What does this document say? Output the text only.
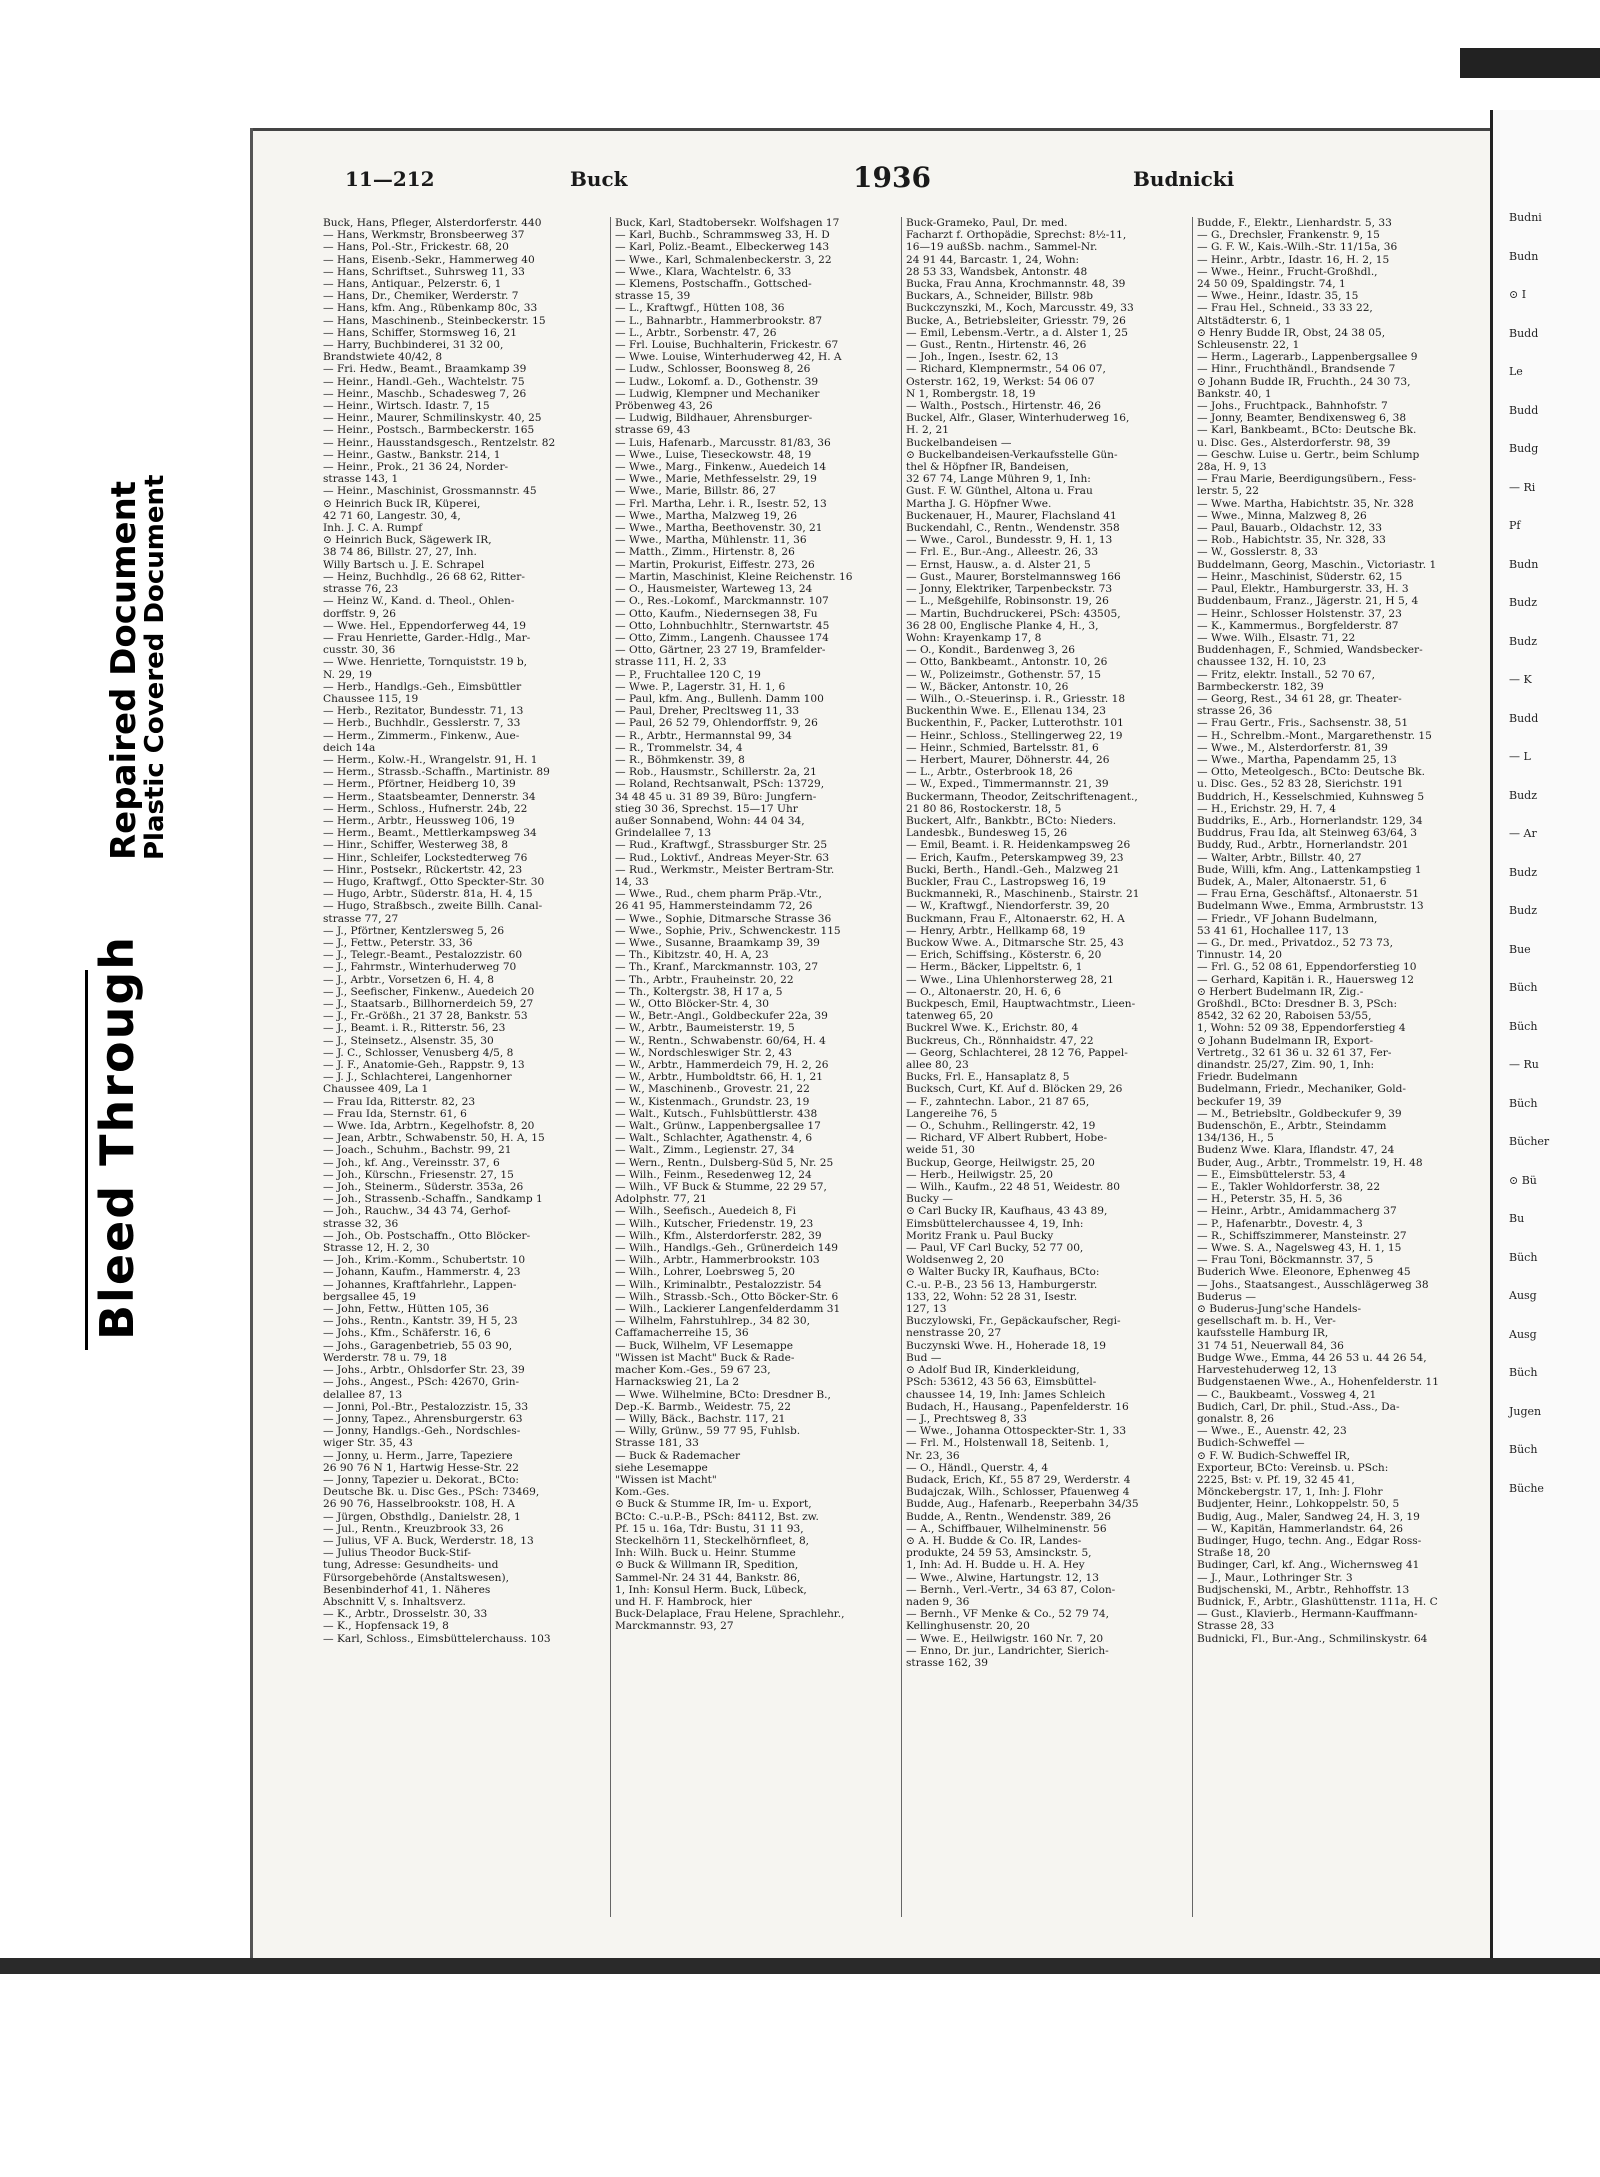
Budni
Budn
⊙ I
Budd
Le
Budd
Budg
— Ri
Pf
Budn
Budz
Budz
— K
Budd
— L
Budz
— Ar
Budz
Budz
Bue
Büch
Büch
— Ru
Büch
Bücher
⊙ Bü
Bu
Büch
Ausg
Ausg
Büch
Jugen
Büch
Büche
Bleed Through
Repaired Document
Plastic Covered Document
11—212	Buck	1936	Budnicki
Buck, Hans, Pfleger, Alsterdorferstr. 440
— Hans, Werkmstr, Bronsbeerweg 37
— Hans, Pol.-Str., Frickestr. 68, 20
— Hans, Eisenb.-Sekr., Hammerweg 40
— Hans, Schriftset., Suhrsweg 11, 33
— Hans, Antiquar., Pelzerstr. 6, 1
— Hans, Dr., Chemiker, Werderstr. 7
— Hans, kfm. Ang., Rübenkamp 80c, 33
— Hans, Maschinenb., Steinbeckerstr. 15
— Hans, Schiffer, Stormsweg 16, 21
— Harry, Buchbinderei, 31 32 00,
Brandstwiete 40/42, 8
— Fri. Hedw., Beamt., Braamkamp 39
— Heinr., Handl.-Geh., Wachtelstr. 75
— Heinr., Maschb., Schadesweg 7, 26
— Heinr., Wirtsch. Idastr. 7, 15
— Heinr., Maurer, Schmilinskystr. 40, 25
— Heinr., Postsch., Barmbeckerstr. 165
— Heinr., Hausstandsgesch., Rentzelstr. 82
— Heinr., Gastw., Bankstr. 214, 1
— Heinr., Prok., 21 36 24, Norder-
strasse 143, 1
— Heinr., Maschinist, Grossmannstr. 45
⊙ Heinrich Buck IR, Küperei,
42 71 60, Langestr. 30, 4,
Inh. J. C. A. Rumpf
⊙ Heinrich Buck, Sägewerk IR,
38 74 86, Billstr. 27, 27, Inh.
Willy Bartsch u. J. E. Schrapel
— Heinz, Buchhdlg., 26 68 62, Ritter-
strasse 76, 23
— Heinz W., Kand. d. Theol., Ohlen-
dorffstr. 9, 26
— Wwe. Hel., Eppendorferweg 44, 19
— Frau Henriette, Garder.-Hdlg., Mar-
cusstr. 30, 36
— Wwe. Henriette, Tornquiststr. 19 b,
N. 29, 19
— Herb., Handlgs.-Geh., Eimsbüttler
Chaussee 115, 19
— Herb., Rezitator, Bundesstr. 71, 13
— Herb., Buchhdlr., Gesslerstr. 7, 33
— Herm., Zimmerm., Finkenw., Aue-
deich 14a
— Herm., Kolw.-H., Wrangelstr. 91, H. 1
— Herm., Strassb.-Schaffn., Martinistr. 89
— Herm., Pförtner, Heidberg 10, 39
— Herm., Staatsbeamter, Dennerstr. 34
— Herm., Schloss., Hufnerstr. 24b, 22
— Herm., Arbtr., Heussweg 106, 19
— Herm., Beamt., Mettlerkampsweg 34
— Hinr., Schiffer, Westerweg 38, 8
— Hinr., Schleifer, Lockstedterweg 76
— Hinr., Postsekr., Rückertstr. 42, 23
— Hugo, Kraftwgf., Otto Speckter-Str. 30
— Hugo, Arbtr., Süderstr. 81a, H. 4, 15
— Hugo, Straßbsch., zweite Billh. Canal-
strasse 77, 27
— J., Pförtner, Kentzlersweg 5, 26
— J., Fettw., Peterstr. 33, 36
— J., Telegr.-Beamt., Pestalozzistr. 60
— J., Fahrmstr., Winterhuderweg 70
— J., Arbtr., Vorsetzen 6, H. 4, 8
— J., Seefischer, Finkenw., Auedeich 20
— J., Staatsarb., Billhornerdeich 59, 27
— J., Fr.-Größh., 21 37 28, Bankstr. 53
— J., Beamt. i. R., Ritterstr. 56, 23
— J., Steinsetz., Alsenstr. 35, 30
— J. C., Schlosser, Venusberg 4/5, 8
— J. F., Anatomie-Geh., Rappstr. 9, 13
— J. J., Schlachterei, Langenhorner
Chaussee 409, La 1
— Frau Ida, Ritterstr. 82, 23
— Frau Ida, Sternstr. 61, 6
— Wwe. Ida, Arbtrn., Kegelhofstr. 8, 20
— Jean, Arbtr., Schwabenstr. 50, H. A, 15
— Joach., Schuhm., Bachstr. 99, 21
— Joh., kf. Ang., Vereinsstr. 37, 6
— Joh., Kürschn., Friesenstr. 27, 15
— Joh., Steinerm., Süderstr. 353a, 26
— Joh., Strassenb.-Schaffn., Sandkamp 1
— Joh., Rauchw., 34 43 74, Gerhof-
strasse 32, 36
— Joh., Ob. Postschaffn., Otto Blöcker-
Strasse 12, H. 2, 30
— Joh., Krim.-Komm., Schubertstr. 10
— Johann, Kaufm., Hammerstr. 4, 23
— Johannes, Kraftfahrlehr., Lappen-
bergsallee 45, 19
— John, Fettw., Hütten 105, 36
— Johs., Rentn., Kantstr. 39, H 5, 23
— Johs., Kfm., Schäferstr. 16, 6
— Johs., Garagenbetrieb, 55 03 90,
Werderstr. 78 u. 79, 18
— Johs., Arbtr., Ohlsdorfer Str. 23, 39
— Johs., Angest., PSch: 42670, Grin-
delallee 87, 13
— Jonni, Pol.-Btr., Pestalozzistr. 15, 33
— Jonny, Tapez., Ahrensburgerstr. 63
— Jonny, Handlgs.-Geh., Nordschles-
wiger Str. 35, 43
— Jonny, u. Herm., Jarre, Tapeziere
26 90 76 N 1, Hartwig Hesse-Str. 22
— Jonny, Tapezier u. Dekorat., BCto:
Deutsche Bk. u. Disc Ges., PSch: 73469,
26 90 76, Hasselbrookstr. 108, H. A
— Jürgen, Obsthdlg., Danielstr. 28, 1
— Jul., Rentn., Kreuzbrook 33, 26
— Julius, VF A. Buck, Werderstr. 18, 13
— Julius Theodor Buck-Stif-
tung, Adresse: Gesundheits- und
Fürsorgebehörde (Anstaltswesen),
Besenbinderhof 41, 1. Näheres
Abschnitt V, s. Inhaltsverz.
— K., Arbtr., Drosselstr. 30, 33
— K., Hopfensack 19, 8
— Karl, Schloss., Eimsbüttelerchauss. 103
Buck, Karl, Stadtobersekr. Wolfshagen 17
— Karl, Buchb., Schrammsweg 33, H. D
— Karl, Poliz.-Beamt., Elbeckerweg 143
— Wwe., Karl, Schmalenbeckerstr. 3, 22
— Wwe., Klara, Wachtelstr. 6, 33
— Klemens, Postschaffn., Gottsched-
strasse 15, 39
— L., Kraftwgf., Hütten 108, 36
— L., Bahnarbtr., Hammerbrookstr. 87
— L., Arbtr., Sorbenstr. 47, 26
— Frl. Louise, Buchhalterin, Frickestr. 67
— Wwe. Louise, Winterhuderweg 42, H. A
— Ludw., Schlosser, Boonsweg 8, 26
— Ludw., Lokomf. a. D., Gothenstr. 39
— Ludwig, Klempner und Mechaniker
Pröbenweg 43, 26
— Ludwig, Bildhauer, Ahrensburger-
strasse 69, 43
— Luis, Hafenarb., Marcusstr. 81/83, 36
— Wwe., Luise, Tieseckowstr. 48, 19
— Wwe., Marg., Finkenw., Auedeich 14
— Wwe., Marie, Methfesselstr. 29, 19
— Wwe., Marie, Billstr. 86, 27
— Frl. Martha, Lehr. i. R., Isestr. 52, 13
— Wwe., Martha, Malzweg 19, 26
— Wwe., Martha, Beethovenstr. 30, 21
— Wwe., Martha, Mühlenstr. 11, 36
— Matth., Zimm., Hirtenstr. 8, 26
— Martin, Prokurist, Eiffestr. 273, 26
— Martin, Maschinist, Kleine Reichenstr. 16
— O., Hausmeister, Warteweg 13, 24
— O., Res.-Lokomf., Marckmannstr. 107
— Otto, Kaufm., Niedernsegen 38, Fu
— Otto, Lohnbuchhltr., Sternwartstr. 45
— Otto, Zimm., Langenh. Chaussee 174
— Otto, Gärtner, 23 27 19, Bramfelder-
strasse 111, H. 2, 33
— P., Fruchtallee 120 C, 19
— Wwe. P., Lagerstr. 31, H. 1, 6
— Paul, kfm. Ang., Bullenh. Damm 100
— Paul, Dreher, Precltsweg 11, 33
— Paul, 26 52 79, Ohlendorffstr. 9, 26
— R., Arbtr., Hermannstal 99, 34
— R., Trommelstr. 34, 4
— R., Böhmkenstr. 39, 8
— Rob., Hausmstr., Schillerstr. 2a, 21
— Roland, Rechtsanwalt, PSch: 13729,
34 48 45 u. 31 89 39, Büro: Jungfern-
stieg 30 36, Sprechst. 15—17 Uhr
außer Sonnabend, Wohn: 44 04 34,
Grindelallee 7, 13
— Rud., Kraftwgf., Strassburger Str. 25
— Rud., Loktivf., Andreas Meyer-Str. 63
— Rud., Werkmstr., Meister Bertram-Str.
14, 33
— Wwe., Rud., chem pharm Präp.-Vtr.,
26 41 95, Hammersteindamm 72, 26
— Wwe., Sophie, Ditmarsche Strasse 36
— Wwe., Sophie, Priv., Schwenckestr. 115
— Wwe., Susanne, Braamkamp 39, 39
— Th., Kibitzstr. 40, H. A, 23
— Th., Kranf., Marckmannstr. 103, 27
— Th., Arbtr., Frauheinstr. 20, 22
— Th., Koltergstr. 38, H 17 a, 5
— W., Otto Blöcker-Str. 4, 30
— W., Betr.-Angl., Goldbeckufer 22a, 39
— W., Arbtr., Baumeisterstr. 19, 5
— W., Rentn., Schwabenstr. 60/64, H. 4
— W., Nordschleswiger Str. 2, 43
— W., Arbtr., Hammerdeich 79, H. 2, 26
— W., Arbtr., Humboldtstr. 66, H. 1, 21
— W., Maschinenb., Grovestr. 21, 22
— W., Kistenmach., Grundstr. 23, 19
— Walt., Kutsch., Fuhlsbüttlerstr. 438
— Walt., Grünw., Lappenbergsallee 17
— Walt., Schlachter, Agathenstr. 4, 6
— Walt., Zimm., Legienstr. 27, 34
— Wern., Rentn., Dulsberg-Süd 5, Nr. 25
— Wilh., Feinm., Resedenweg 12, 24
— Wilh., VF Buck & Stumme, 22 29 57,
Adolphstr. 77, 21
— Wilh., Seefisch., Auedeich 8, Fi
— Wilh., Kutscher, Friedenstr. 19, 23
— Wilh., Kfm., Alsterdorferstr. 282, 39
— Wilh., Handlgs.-Geh., Grünerdeich 149
— Wilh., Arbtr., Hammerbrookstr. 103
— Wilh., Lohrer, Loebrsweg 5, 20
— Wilh., Kriminalbtr., Pestalozzistr. 54
— Wilh., Strassb.-Sch., Otto Böcker-Str. 6
— Wilh., Lackierer Langenfelderdamm 31
— Wilhelm, Fahrstuhlrep., 34 82 30,
Caffamacherreihe 15, 36
— Buck, Wilhelm, VF Lesemappe
"Wissen ist Macht" Buck & Rade-
macher Kom.-Ges., 59 67 23,
Harnackswieg 21, La 2
— Wwe. Wilhelmine, BCto: Dresdner B.,
Dep.-K. Barmb., Weidestr. 75, 22
— Willy, Bäck., Bachstr. 117, 21
— Willy, Grünw., 59 77 95, Fuhlsb.
Strasse 181, 33
— Buck & Rademacher
siehe Lesemappe
"Wissen ist Macht"
Kom.-Ges.
⊙ Buck & Stumme IR, Im- u. Export,
BCto: C.-u.P.-B., PSch: 84112, Bst. zw.
Pf. 15 u. 16a, Tdr: Bustu, 31 11 93,
Steckelhörn 11, Steckelhörnfleet, 8,
Inh: Wilh. Buck u. Heinr. Stumme
⊙ Buck & Willmann IR, Spedition,
Sammel-Nr. 24 31 44, Bankstr. 86,
1, Inh: Konsul Herm. Buck, Lübeck,
und H. F. Hambrock, hier
Buck-Delaplace, Frau Helene, Sprachlehr.,
Marckmannstr. 93, 27
Buck-Grameko, Paul, Dr. med.
Facharzt f. Orthopädie, Sprechst: 8½-11,
16—19 außSb. nachm., Sammel-Nr.
24 91 44, Barcastr. 1, 24, Wohn:
28 53 33, Wandsbek, Antonstr. 48
Bucka, Frau Anna, Krochmannstr. 48, 39
Buckars, A., Schneider, Billstr. 98b
Buckczynszki, M., Koch, Marcusstr. 49, 33
Bucke, A., Betriebsleiter, Griesstr. 79, 26
— Emil, Lebensm.-Vertr., a d. Alster 1, 25
— Gust., Rentn., Hirtenstr. 46, 26
— Joh., Ingen., Isestr. 62, 13
— Richard, Klempnermstr., 54 06 07,
Osterstr. 162, 19, Werkst: 54 06 07
N 1, Rombergstr. 18, 19
— Walth., Postsch., Hirtenstr. 46, 26
Buckel, Alfr., Glaser, Winterhuderweg 16,
H. 2, 21
Buckelbandeisen —
⊙ Buckelbandeisen-Verkaufsstelle Gün-
thel & Höpfner IR, Bandeisen,
32 67 74, Lange Mühren 9, 1, Inh:
Gust. F. W. Günthel, Altona u. Frau
Martha J. G. Höpfner Wwe.
Buckenauer, H., Maurer, Flachsland 41
Buckendahl, C., Rentn., Wendenstr. 358
— Wwe., Carol., Bundesstr. 9, H. 1, 13
— Frl. E., Bur.-Ang., Alleestr. 26, 33
— Ernst, Hausw., a. d. Alster 21, 5
— Gust., Maurer, Borstelmannsweg 166
— Jonny, Elektriker, Tarpenbeckstr. 73
— L., Meßgehilfe, Robinsonstr. 19, 26
— Martin, Buchdruckerei, PSch: 43505,
36 28 00, Englische Planke 4, H., 3,
Wohn: Krayenkamp 17, 8
— O., Kondit., Bardenweg 3, 26
— Otto, Bankbeamt., Antonstr. 10, 26
— W., Polizeimstr., Gothenstr. 57, 15
— W., Bäcker, Antonstr. 10, 26
— Wilh., O.-Steuerinsp. i. R., Griesstr. 18
Buckenthin Wwe. E., Ellenau 134, 23
Buckenthin, F., Packer, Lutterothstr. 101
— Heinr., Schloss., Stellingerweg 22, 19
— Heinr., Schmied, Bartelsstr. 81, 6
— Herbert, Maurer, Döhnerstr. 44, 26
— L., Arbtr., Osterbrook 18, 26
— W., Exped., Timmermannstr. 21, 39
Buckermann, Theodor, Zeitschriftenagent.,
21 80 86, Rostockerstr. 18, 5
Buckert, Alfr., Bankbtr., BCto: Nieders.
Landesbk., Bundesweg 15, 26
— Emil, Beamt. i. R. Heidenkampsweg 26
— Erich, Kaufm., Peterskampweg 39, 23
Bucki, Berth., Handl.-Geh., Malzweg 21
Buckler, Frau C., Lastropsweg 16, 19
Buckmanneki, R., Maschinenb., Stairstr. 21
— W., Kraftwgf., Niendorferstr. 39, 20
Buckmann, Frau F., Altonaerstr. 62, H. A
— Henry, Arbtr., Hellkamp 68, 19
Buckow Wwe. A., Ditmarsche Str. 25, 43
— Erich, Schiffsing., Kösterstr. 6, 20
— Herm., Bäcker, Lippeltstr. 6, 1
— Wwe., Lina Uhlenhorsterweg 28, 21
— O., Altonaerstr. 20, H. 6, 6
Buckpesch, Emil, Hauptwachtmstr., Lieen-
tatenweg 65, 20
Buckrel Wwe. K., Erichstr. 80, 4
Buckreus, Ch., Rönnhaidstr. 47, 22
— Georg, Schlachterei, 28 12 76, Pappel-
allee 80, 23
Bucks, Frl. E., Hansaplatz 8, 5
Bucksch, Curt, Kf. Auf d. Blöcken 29, 26
— F., zahntechn. Labor., 21 87 65,
Langereihe 76, 5
— O., Schuhm., Rellingerstr. 42, 19
— Richard, VF Albert Rubbert, Hobe-
weide 51, 30
Buckup, George, Heilwigstr. 25, 20
— Herb., Heilwigstr. 25, 20
— Wilh., Kaufm., 22 48 51, Weidestr. 80
Bucky —
⊙ Carl Bucky IR, Kaufhaus, 43 43 89,
Eimsbüttelerchaussee 4, 19, Inh:
Moritz Frank u. Paul Bucky
— Paul, VF Carl Bucky, 52 77 00,
Woldsenweg 2, 20
⊙ Walter Bucky IR, Kaufhaus, BCto:
C.-u. P.-B., 23 56 13, Hamburgerstr.
133, 22, Wohn: 52 28 31, Isestr.
127, 13
Buczylowski, Fr., Gepäckaufscher, Regi-
nenstrasse 20, 27
Buczynski Wwe. H., Hoherade 18, 19
Bud —
⊙ Adolf Bud IR, Kinderkleidung,
PSch: 53612, 43 56 63, Eimsbüttel-
chaussee 14, 19, Inh: James Schleich
Budach, H., Hausang., Papenfelderstr. 16
— J., Prechtsweg 8, 33
— Wwe., Johanna Ottospeckter-Str. 1, 33
— Frl. M., Holstenwall 18, Seitenb. 1,
Nr. 23, 36
— O., Händl., Querstr. 4, 4
Budack, Erich, Kf., 55 87 29, Werderstr. 4
Budajczak, Wilh., Schlosser, Pfauenweg 4
Budde, Aug., Hafenarb., Reeperbahn 34/35
Budde, A., Rentn., Wendenstr. 389, 26
— A., Schiffbauer, Wilhelminenstr. 56
⊙ A. H. Budde & Co. IR, Landes-
produkte, 24 59 53, Amsinckstr. 5,
1, Inh: Ad. H. Budde u. H. A. Hey
— Wwe., Alwine, Hartungstr. 12, 13
— Bernh., Verl.-Vertr., 34 63 87, Colon-
naden 9, 36
— Bernh., VF Menke & Co., 52 79 74,
Kellinghusenstr. 20, 20
— Wwe. E., Heilwigstr. 160 Nr. 7, 20
— Enno, Dr. jur., Landrichter, Sierich-
strasse 162, 39
Budde, F., Elektr., Lienhardstr. 5, 33
— G., Drechsler, Frankenstr. 9, 15
— G. F. W., Kais.-Wilh.-Str. 11/15a, 36
— Heinr., Arbtr., Idastr. 16, H. 2, 15
— Wwe., Heinr., Frucht-Großhdl.,
24 50 09, Spaldingstr. 74, 1
— Wwe., Heinr., Idastr. 35, 15
— Frau Hel., Schneid., 33 33 22,
Altstädterstr. 6, 1
⊙ Henry Budde IR, Obst, 24 38 05,
Schleusenstr. 22, 1
— Herm., Lagerarb., Lappenbergsallee 9
— Hinr., Fruchthändl., Brandsende 7
⊙ Johann Budde IR, Fruchth., 24 30 73,
Bankstr. 40, 1
— Johs., Fruchtpack., Bahnhofstr. 7
— Jonny, Beamter, Bendixensweg 6, 38
— Karl, Bankbeamt., BCto: Deutsche Bk.
u. Disc. Ges., Alsterdorferstr. 98, 39
— Geschw. Luise u. Gertr., beim Schlump
28a, H. 9, 13
— Frau Marie, Beerdigungsübern., Fess-
lerstr. 5, 22
— Wwe. Martha, Habichtstr. 35, Nr. 328
— Wwe., Minna, Malzweg 8, 26
— Paul, Bauarb., Oldachstr. 12, 33
— Rob., Habichtstr. 35, Nr. 328, 33
— W., Gosslerstr. 8, 33
Buddelmann, Georg, Maschin., Victoriastr. 1
— Heinr., Maschinist, Süderstr. 62, 15
— Paul, Elektr., Hamburgerstr. 33, H. 3
Buddenbaum, Franz., Jägerstr. 21, H 5, 4
— Heinr., Schlosser Holstenstr. 37, 23
— K., Kammermus., Borgfelderstr. 87
— Wwe. Wilh., Elsastr. 71, 22
Buddenhagen, F., Schmied, Wandsbecker-
chaussee 132, H. 10, 23
— Fritz, elektr. Install., 52 70 67,
Barmbeckerstr. 182, 39
— Georg, Rest., 34 61 28, gr. Theater-
strasse 26, 36
— Frau Gertr., Fris., Sachsenstr. 38, 51
— H., Schrelbm.-Mont., Margarethenstr. 15
— Wwe., M., Alsterdorferstr. 81, 39
— Wwe., Martha, Papendamm 25, 13
— Otto, Meteolgesch., BCto: Deutsche Bk.
u. Disc. Ges., 52 83 28, Sierichstr. 191
Buddrich, H., Kesselschmied, Kuhnsweg 5
— H., Erichstr. 29, H. 7, 4
Buddriks, E., Arb., Hornerlandstr. 129, 34
Buddrus, Frau Ida, alt Steinweg 63/64, 3
Buddy, Rud., Arbtr., Hornerlandstr. 201
— Walter, Arbtr., Billstr. 40, 27
Bude, Willi, kfm. Ang., Lattenkampstieg 1
Budek, A., Maler, Altonaerstr. 51, 6
— Frau Erna, Geschäftsf., Altonaerstr. 51
Budelmann Wwe., Emma, Armbruststr. 13
— Friedr., VF Johann Budelmann,
53 41 61, Hochallee 117, 13
— G., Dr. med., Privatdoz., 52 73 73,
Tinnustr. 14, 20
— Frl. G., 52 08 61, Eppendorferstieg 10
— Gerhard, Kapitän i. R., Hauersweg 12
⊙ Herbert Budelmann IR, Zig.-
Großhdl., BCto: Dresdner B. 3, PSch:
8542, 32 62 20, Raboisen 53/55,
1, Wohn: 52 09 38, Eppendorferstieg 4
⊙ Johann Budelmann IR, Export-
Vertretg., 32 61 36 u. 32 61 37, Fer-
dinandstr. 25/27, Zim. 90, 1, Inh:
Friedr. Budelmann
Budelmann, Friedr., Mechaniker, Gold-
beckufer 19, 39
— M., Betriebsltr., Goldbeckufer 9, 39
Budenschön, E., Arbtr., Steindamm
134/136, H., 5
Budenz Wwe. Klara, Iflandstr. 47, 24
Buder, Aug., Arbtr., Trommelstr. 19, H. 48
— E., Eimsbüttelerstr. 53, 4
— E., Takler Wohldorferstr. 38, 22
— H., Peterstr. 35, H. 5, 36
— Heinr., Arbtr., Amidammacherg 37
— P., Hafenarbtr., Dovestr. 4, 3
— R., Schiffszimmerer, Mansteinstr. 27
— Wwe. S. A., Nagelsweg 43, H. 1, 15
— Frau Toni, Böckmannstr. 37, 5
Buderich Wwe. Eleonore, Ephenweg 45
— Johs., Staatsangest., Ausschlägerweg 38
Buderus —
⊙ Buderus-Jung'sche Handels-
gesellschaft m. b. H., Ver-
kaufsstelle Hamburg IR,
31 74 51, Neuerwall 84, 36
Budge Wwe., Emma, 44 26 53 u. 44 26 54,
Harvestehuderweg 12, 13
Budgenstaenen Wwe., A., Hohenfelderstr. 11
— C., Baukbeamt., Vossweg 4, 21
Budich, Carl, Dr. phil., Stud.-Ass., Da-
gonalstr. 8, 26
— Wwe., E., Auenstr. 42, 23
Budich-Schweffel —
⊙ F. W. Budich-Schweffel IR,
Exporteur, BCto: Vereinsb. u. PSch:
2225, Bst: v. Pf. 19, 32 45 41,
Mönckebergstr. 17, 1, Inh: J. Flohr
Budjenter, Heinr., Lohkoppelstr. 50, 5
Budig, Aug., Maler, Sandweg 24, H. 3, 19
— W., Kapitän, Hammerlandstr. 64, 26
Budinger, Hugo, techn. Ang., Edgar Ross-
Straße 18, 20
Budinger, Carl, kf. Ang., Wichernsweg 41
— J., Maur., Lothringer Str. 3
Budjschenski, M., Arbtr., Rehhoffstr. 13
Budnick, F., Arbtr., Glashüttenstr. 111a, H. C
— Gust., Klavierb., Hermann-Kauffmann-
Strasse 28, 33
Budnicki, Fl., Bur.-Ang., Schmilinskystr. 64
